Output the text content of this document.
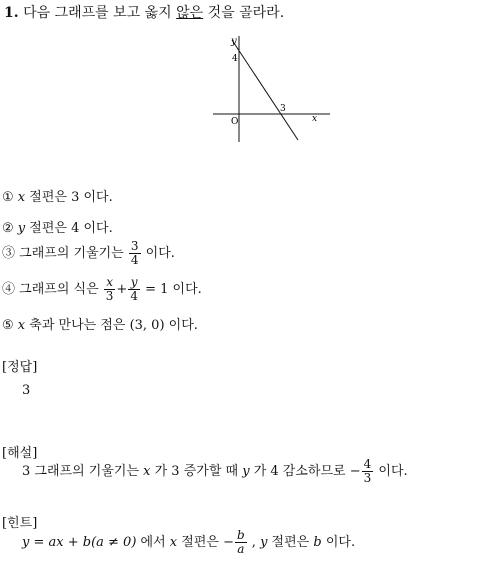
1. 다음 그래프를 보고 옳지 않은 것을 골라라.
y
x
O
4
3
① x 절편은 3 이다.
② y 절편은 4 이다.
③ 그래프의 기울기는 $\frac{3}{4}$ 이다.
④ 그래프의 식은 $\frac{x}{3} + \frac{y}{4} = 1$ 이다.
⑤ x 축과 만나는 점은 (3, 0) 이다.
[정답]
3
[해설]
3 그래프의 기울기는 x 가 3 증가할 때 y 가 4 감소하므로 − $\frac{4}{3}$ 이다.
[힌트]
y = ax + b(a ≠ 0) 에서 x 절편은 − $\frac{b}{a}$ , y 절편은 b 이다.
